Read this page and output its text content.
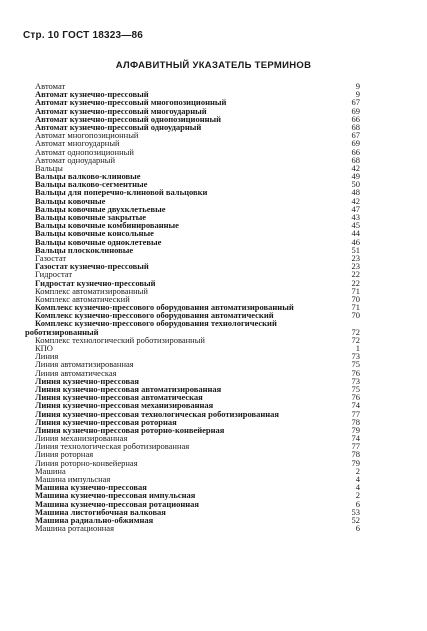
Стр. 10 ГОСТ 18323—86
АЛФАВИТНЫЙ УКАЗАТЕЛЬ ТЕРМИНОВ
Автомат	9
Автомат кузнечно-прессовый	9
Автомат кузнечно-прессовый многопозиционный	67
Автомат кузнечно-прессовый многоударный	69
Автомат кузнечно-прессовый однопозиционный	66
Автомат кузнечно-прессовый одноударный	68
Автомат многопозиционный	67
Автомат многоударный	69
Автомат однопозиционный	66
Автомат одноударный	68
Вальцы	42
Вальцы валково-клиновые	49
Вальцы валково-сегментные	50
Вальцы для поперечно-клиновой вальцовки	48
Вальцы ковочные	42
Вальцы ковочные двухклетьевые	47
Вальцы ковочные закрытые	43
Вальцы ковочные комбинированные	45
Вальцы ковочные консольные	44
Вальцы ковочные одноклетевые	46
Вальцы плоскоклиновые	51
Газостат	23
Газостат кузнечно-прессовый	23
Гидростат	22
Гидростат кузнечно-прессовый	22
Комплекс автоматизированный	71
Комплекс автоматический	70
Комплекс кузнечно-прессового оборудования автоматизированный	71
Комплекс кузнечно-прессового оборудования автоматический	70
Комплекс кузнечно-прессового оборудования технологический
роботизированный	72
Комплекс технологический роботизированный	72
КПО	1
Линия	73
Линия автоматизированная	75
Линия автоматическая	76
Линия кузнечно-прессовая	73
Линия кузнечно-прессовая автоматизированная	75
Линия кузнечно-прессовая автоматическая	76
Линия кузнечно-прессовая механизированная	74
Линия кузнечно-прессовая технологическая роботизированная	77
Линия кузнечно-прессовая роторная	78
Линия кузнечно-прессовая роторно-конвейерная	79
Линия механизированная	74
Линия технологическая роботизированная	77
Линия роторная	78
Линия роторно-конвейерная	79
Машина	2
Машина импульсная	4
Машина кузнечно-прессовая	4
Машина кузнечно-прессовая импульсная	2
Машина кузнечно-прессовая ротационная	6
Машина листогибочная валковая	53
Машина радиально-обжимная	52
Машина ротационная	6
